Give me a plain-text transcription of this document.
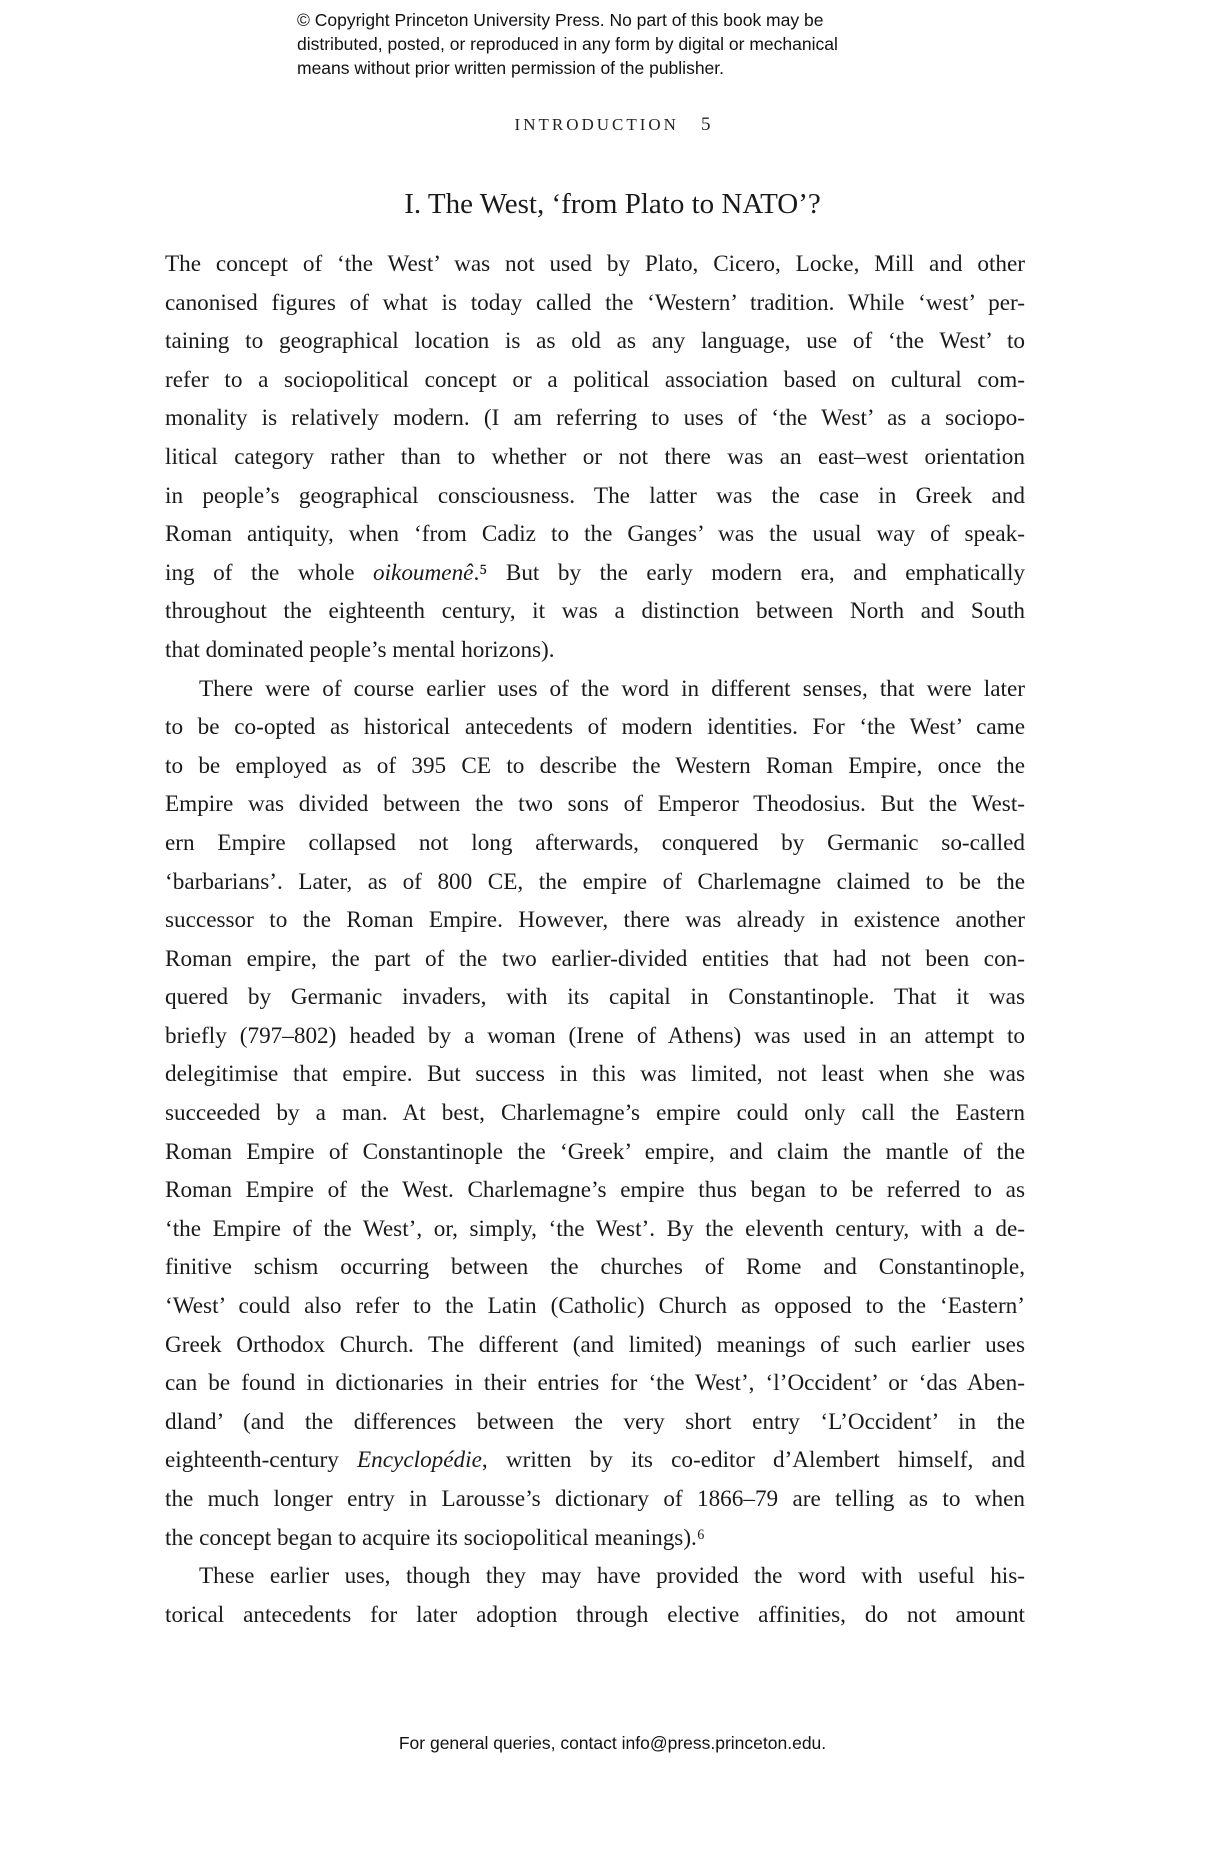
© Copyright Princeton University Press. No part of this book may be
distributed, posted, or reproduced in any form by digital or mechanical
means without prior written permission of the publisher.
INTRODUCTION 5
I. The West, ‘from Plato to NATO’?
The concept of ‘the West’ was not used by Plato, Cicero, Locke, Mill and other
canonised figures of what is today called the ‘Western’ tradition. While ‘west’ per-
taining to geographical location is as old as any language, use of ‘the West’ to
refer to a sociopolitical concept or a political association based on cultural com-
monality is relatively modern. (I am referring to uses of ‘the West’ as a sociopo-
litical category rather than to whether or not there was an east–west orientation
in people’s geographical consciousness. The latter was the case in Greek and
Roman antiquity, when ‘from Cadiz to the Ganges’ was the usual way of speak-
ing of the whole oikoumenê.⁵ But by the early modern era, and emphatically
throughout the eighteenth century, it was a distinction between North and South
that dominated people’s mental horizons).
There were of course earlier uses of the word in different senses, that were later
to be co-opted as historical antecedents of modern identities. For ‘the West’ came
to be employed as of 395 CE to describe the Western Roman Empire, once the
Empire was divided between the two sons of Emperor Theodosius. But the West-
ern Empire collapsed not long afterwards, conquered by Germanic so-called
‘barbarians’. Later, as of 800 CE, the empire of Charlemagne claimed to be the
successor to the Roman Empire. However, there was already in existence another
Roman empire, the part of the two earlier-divided entities that had not been con-
quered by Germanic invaders, with its capital in Constantinople. That it was
briefly (797–802) headed by a woman (Irene of Athens) was used in an attempt to
delegitimise that empire. But success in this was limited, not least when she was
succeeded by a man. At best, Charlemagne’s empire could only call the Eastern
Roman Empire of Constantinople the ‘Greek’ empire, and claim the mantle of the
Roman Empire of the West. Charlemagne’s empire thus began to be referred to as
‘the Empire of the West’, or, simply, ‘the West’. By the eleventh century, with a de-
finitive schism occurring between the churches of Rome and Constantinople,
‘West’ could also refer to the Latin (Catholic) Church as opposed to the ‘Eastern’
Greek Orthodox Church. The different (and limited) meanings of such earlier uses
can be found in dictionaries in their entries for ‘the West’, ‘l’Occident’ or ‘das Aben-
dland’ (and the differences between the very short entry ‘L’Occident’ in the
eighteenth-century Encyclopédie, written by its co-editor d’Alembert himself, and
the much longer entry in Larousse’s dictionary of 1866–79 are telling as to when
the concept began to acquire its sociopolitical meanings).⁶
These earlier uses, though they may have provided the word with useful his-
torical antecedents for later adoption through elective affinities, do not amount
For general queries, contact info@press.princeton.edu.
